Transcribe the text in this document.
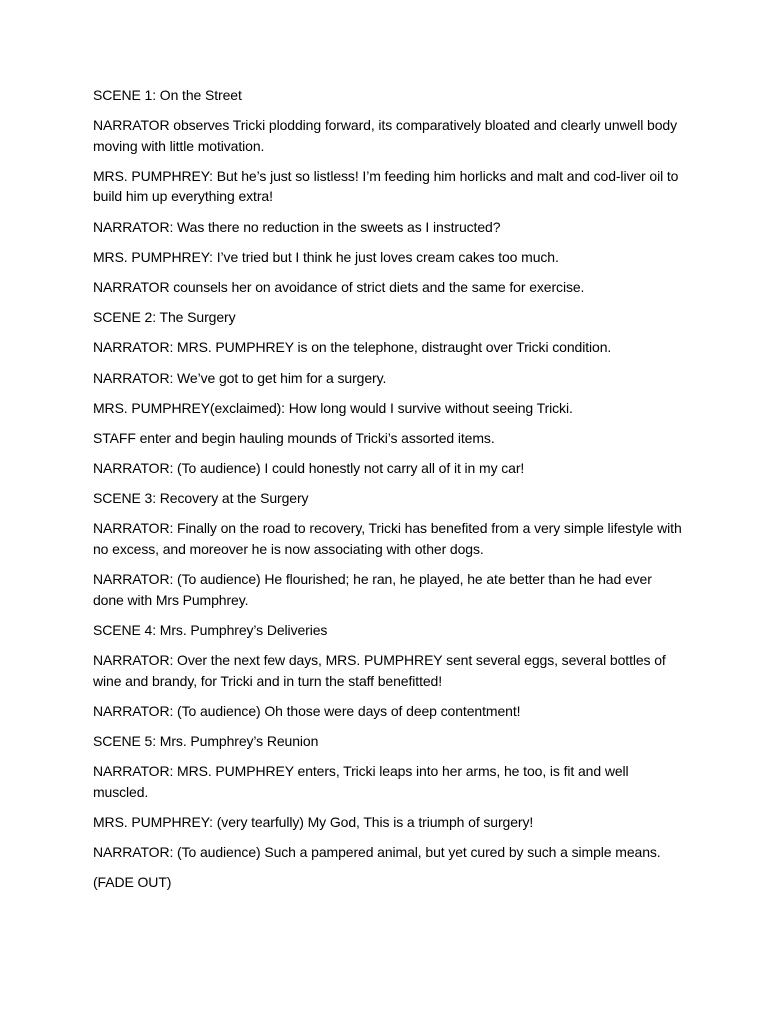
SCENE 1: On the Street

NARRATOR observes Tricki plodding forward, its comparatively bloated and clearly unwell body moving with little motivation.

MRS. PUMPHREY: But he’s just so listless! I’m feeding him horlicks and malt and cod-liver oil to build him up everything extra!

NARRATOR: Was there no reduction in the sweets as I instructed?

MRS. PUMPHREY: I’ve tried but I think he just loves cream cakes too much.

NARRATOR counsels her on avoidance of strict diets and the same for exercise.

SCENE 2: The Surgery

NARRATOR: MRS. PUMPHREY is on the telephone, distraught over Tricki condition.

NARRATOR: We’ve got to get him for a surgery.

MRS. PUMPHREY(exclaimed): How long would I survive without seeing Tricki.

STAFF enter and begin hauling mounds of Tricki’s assorted items.

NARRATOR: (To audience) I could honestly not carry all of it in my car!

SCENE 3: Recovery at the Surgery

NARRATOR: Finally on the road to recovery, Tricki has benefited from a very simple lifestyle with no excess, and moreover he is now associating with other dogs.

NARRATOR: (To audience) He flourished; he ran, he played, he ate better than he had ever done with Mrs Pumphrey.

SCENE 4: Mrs. Pumphrey’s Deliveries

NARRATOR: Over the next few days, MRS. PUMPHREY sent several eggs, several bottles of wine and brandy, for Tricki and in turn the staff benefitted!

NARRATOR: (To audience) Oh those were days of deep contentment!

SCENE 5: Mrs. Pumphrey’s Reunion

NARRATOR: MRS. PUMPHREY enters, Tricki leaps into her arms, he too, is fit and well muscled.

MRS. PUMPHREY: (very tearfully) My God, This is a triumph of surgery!

NARRATOR: (To audience) Such a pampered animal, but yet cured by such a simple means.

(FADE OUT)
